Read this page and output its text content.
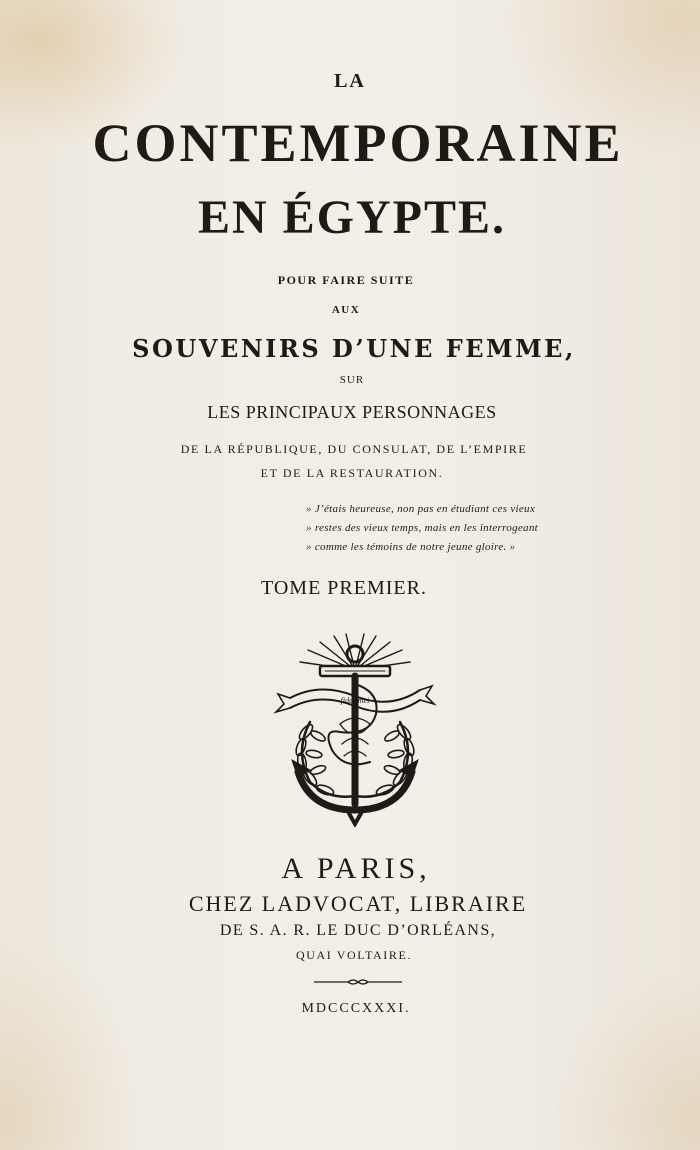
LA
CONTEMPORAINE
EN ÉGYPTE.
POUR FAIRE SUITE
AUX
SOUVENIRS D’UNE FEMME,
SUR
LES PRINCIPAUX PERSONNAGES
DE LA RÉPUBLIQUE, DU CONSULAT, DE L’EMPIRE
ET DE LA RESTAURATION.
» J’étais heureuse, non pas en étudiant ces vieux
» restes des vieux temps, mais en les interrogeant
» comme les témoins de notre jeune gloire. »
TOME PREMIER.
fides mei
A PARIS,
CHEZ LADVOCAT, LIBRAIRE
DE S. A. R. LE DUC D’ORLÉANS,
QUAI VOLTAIRE.
MDCCCXXXI.
